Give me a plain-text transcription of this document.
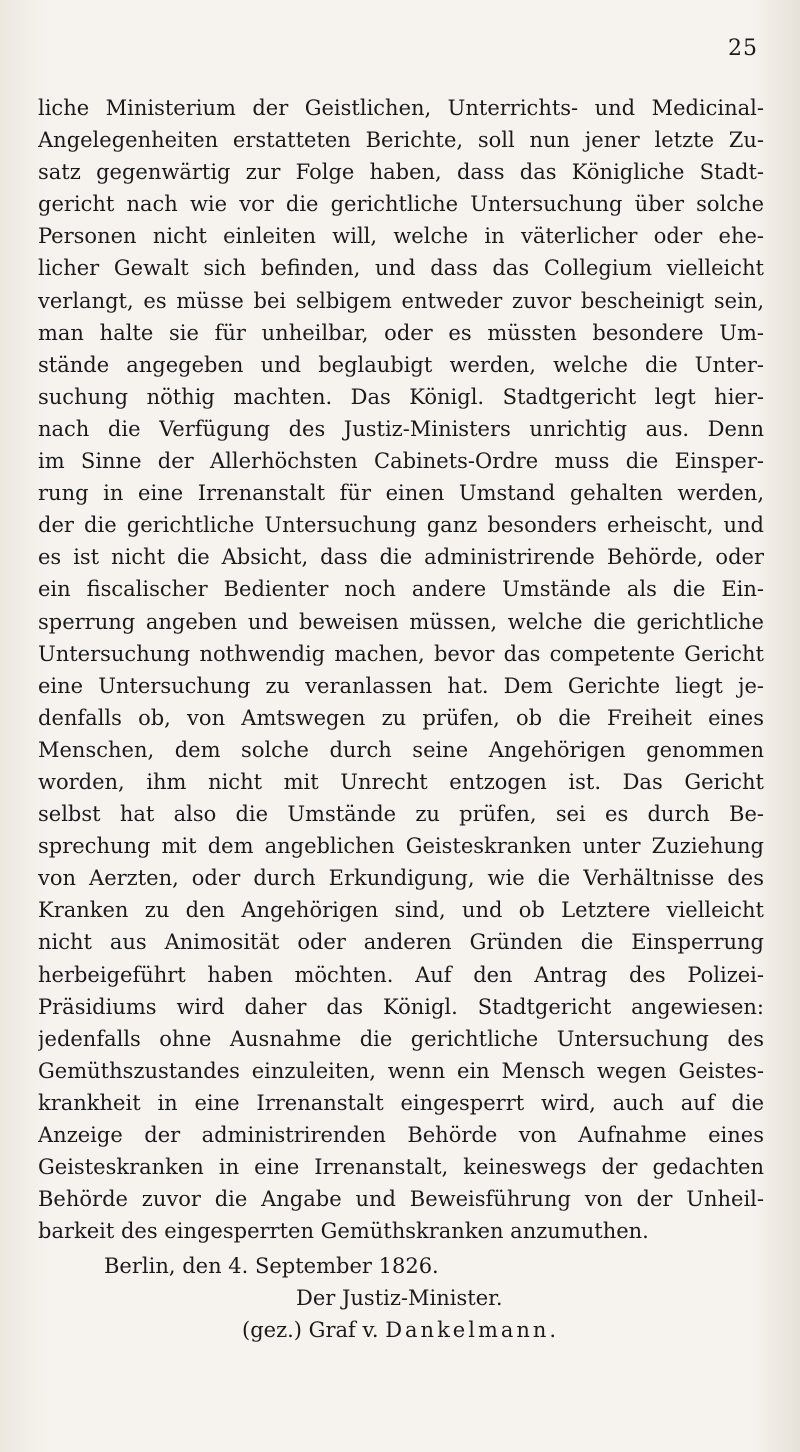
25
liche Ministerium der Geistlichen, Unterrichts- und Medicinal-
Angelegenheiten erstatteten Berichte, soll nun jener letzte Zu-
satz gegenwärtig zur Folge haben, dass das Königliche Stadt-
gericht nach wie vor die gerichtliche Untersuchung über solche
Personen nicht einleiten will, welche in väterlicher oder ehe-
licher Gewalt sich befinden, und dass das Collegium vielleicht
verlangt, es müsse bei selbigem entweder zuvor bescheinigt sein,
man halte sie für unheilbar, oder es müssten besondere Um-
stände angegeben und beglaubigt werden, welche die Unter-
suchung nöthig machten. Das Königl. Stadtgericht legt hier-
nach die Verfügung des Justiz-Ministers unrichtig aus. Denn
im Sinne der Allerhöchsten Cabinets-Ordre muss die Einsper-
rung in eine Irrenanstalt für einen Umstand gehalten werden,
der die gerichtliche Untersuchung ganz besonders erheischt, und
es ist nicht die Absicht, dass die administrirende Behörde, oder
ein fiscalischer Bedienter noch andere Umstände als die Ein-
sperrung angeben und beweisen müssen, welche die gerichtliche
Untersuchung nothwendig machen, bevor das competente Gericht
eine Untersuchung zu veranlassen hat. Dem Gerichte liegt je-
denfalls ob, von Amtswegen zu prüfen, ob die Freiheit eines
Menschen, dem solche durch seine Angehörigen genommen
worden, ihm nicht mit Unrecht entzogen ist. Das Gericht
selbst hat also die Umstände zu prüfen, sei es durch Be-
sprechung mit dem angeblichen Geisteskranken unter Zuziehung
von Aerzten, oder durch Erkundigung, wie die Verhältnisse des
Kranken zu den Angehörigen sind, und ob Letztere vielleicht
nicht aus Animosität oder anderen Gründen die Einsperrung
herbeigeführt haben möchten. Auf den Antrag des Polizei-
Präsidiums wird daher das Königl. Stadtgericht angewiesen:
jedenfalls ohne Ausnahme die gerichtliche Untersuchung des
Gemüthszustandes einzuleiten, wenn ein Mensch wegen Geistes-
krankheit in eine Irrenanstalt eingesperrt wird, auch auf die
Anzeige der administrirenden Behörde von Aufnahme eines
Geisteskranken in eine Irrenanstalt, keineswegs der gedachten
Behörde zuvor die Angabe und Beweisführung von der Unheil-
barkeit des eingesperrten Gemüthskranken anzumuthen.
Berlin, den 4. September 1826.
Der Justiz-Minister.
(gez.) Graf v. Dankelmann.
